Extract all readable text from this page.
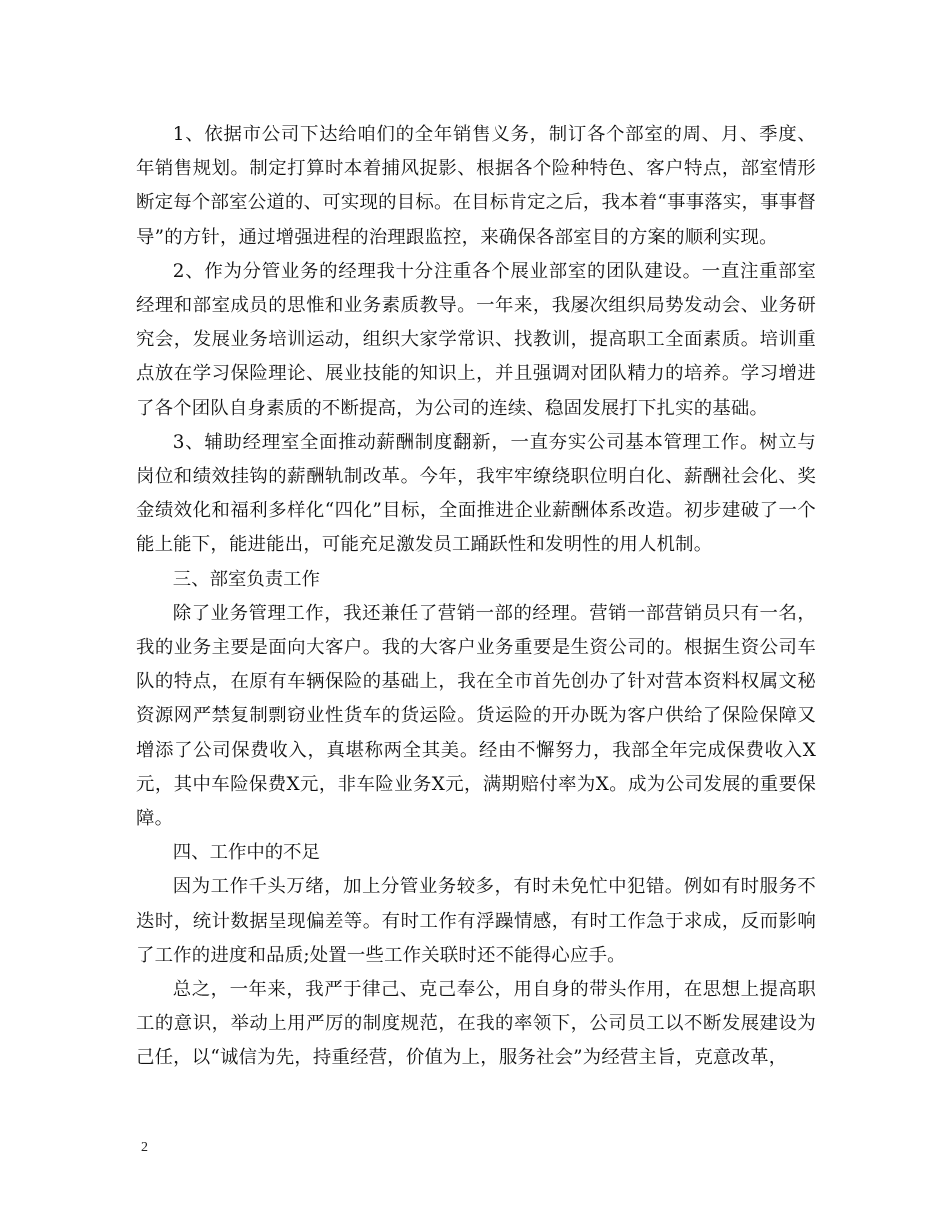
1、依据市公司下达给咱们的全年销售义务，制订各个部室的周、月、季度、年销售规划。制定打算时本着捕风捉影、根据各个险种特色、客户特点，部室情形断定每个部室公道的、可实现的目标。在目标肯定之后，我本着“事事落实，事事督导”的方针，通过增强进程的治理跟监控，来确保各部室目的方案的顺利实现。

2、作为分管业务的经理我十分注重各个展业部室的团队建设。一直注重部室经理和部室成员的思惟和业务素质教导。一年来，我屡次组织局势发动会、业务研究会，发展业务培训运动，组织大家学常识、找教训，提高职工全面素质。培训重点放在学习保险理论、展业技能的知识上，并且强调对团队精力的培养。学习增进了各个团队自身素质的不断提高，为公司的连续、稳固发展打下扎实的基础。

3、辅助经理室全面推动薪酬制度翻新，一直夯实公司基本管理工作。树立与岗位和绩效挂钩的薪酬轨制改革。今年，我牢牢缭绕职位明白化、薪酬社会化、奖金绩效化和福利多样化“四化”目标，全面推进企业薪酬体系改造。初步建破了一个能上能下，能进能出，可能充足激发员工踊跃性和发明性的用人机制。

三、部室负责工作

除了业务管理工作，我还兼任了营销一部的经理。营销一部营销员只有一名，我的业务主要是面向大客户。我的大客户业务重要是生资公司的。根据生资公司车队的特点，在原有车辆保险的基础上，我在全市首先创办了针对营本资料权属文秘资源网严禁复制剽窃业性货车的货运险。货运险的开办既为客户供给了保险保障又增添了公司保费收入，真堪称两全其美。经由不懈努力，我部全年完成保费收入X元，其中车险保费X元，非车险业务X元，满期赔付率为X。成为公司发展的重要保障。

四、工作中的不足

因为工作千头万绪，加上分管业务较多，有时未免忙中犯错。例如有时服务不迭时，统计数据呈现偏差等。有时工作有浮躁情感，有时工作急于求成，反而影响了工作的进度和品质;处置一些工作关联时还不能得心应手。

总之，一年来，我严于律己、克己奉公，用自身的带头作用，在思想上提高职工的意识，举动上用严厉的制度规范，在我的率领下，公司员工以不断发展建设为己任，以“诚信为先，持重经营，价值为上，服务社会”为经营主旨，克意改革，

2
